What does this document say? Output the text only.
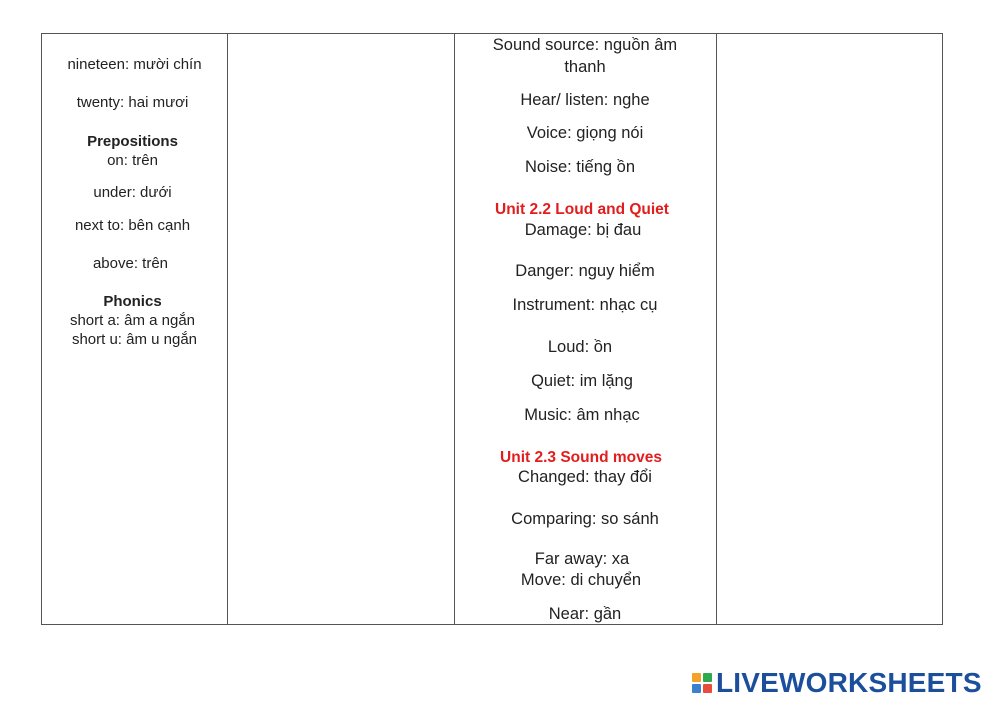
nineteen: mười chín
twenty: hai mươi
Prepositions
on: trên
under: dưới
next to: bên cạnh
above: trên
Phonics
short a: âm a ngắn
short u: âm u ngắn
Sound source: nguồn âm
thanh
Hear/ listen: nghe
Voice: giọng nói
Noise: tiếng ồn
Unit 2.2 Loud and Quiet
Damage: bị đau
Danger: nguy hiểm
Instrument: nhạc cụ
Loud: ồn
Quiet: im lặng
Music: âm nhạc
Unit 2.3 Sound moves
Changed: thay đổi
Comparing: so sánh
Far away: xa
Move: di chuyển
Near: gần
LIVEWORKSHEETS
